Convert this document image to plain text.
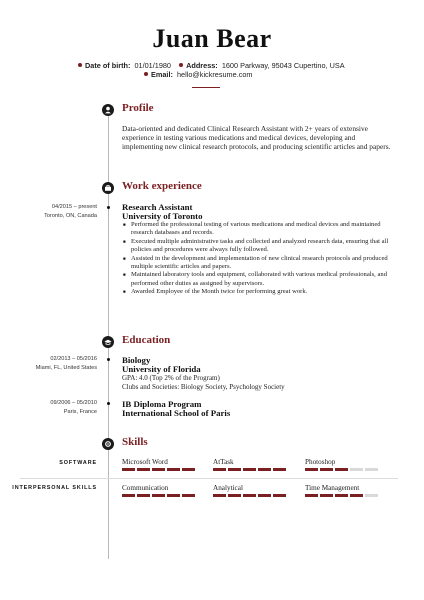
Juan Bear
Date of birth: 01/01/1980 Address: 1600 Parkway, 95043 Cupertino, USA
Email: hello@kickresume.com
Profile
Data-oriented and dedicated Clinical Research Assistant with 2+ years of extensive experience in testing various medications and medical devices, developing and implementing new clinical research protocols, and producing scientific articles and papers.
Work experience
04/2015 – present
Toronto, ON, Canada
Research Assistant
University of Toronto
■ Performed the professional testing of various medications and medical devices and maintained research databases and records.
■ Executed multiple administrative tasks and collected and analyzed research data, ensuring that all policies and procedures were always fully followed.
■ Assisted in the development and implementation of new clinical research protocols and produced multiple scientific articles and papers.
■ Maintained laboratory tools and equipment, collaborated with various medical professionals, and performed other duties as assigned by supervisors.
■ Awarded Employee of the Month twice for performing great work.
Education
02/2013 – 05/2016
Miami, FL, United States
Biology
University of Florida
GPA: 4.0 (Top 2% of the Program)
Clubs and Societies: Biology Society, Psychology Society
09/2006 – 05/2010
Paris, France
IB Diploma Program
International School of Paris
Skills
SOFTWARE	Microsoft Word	AtTask	Photoshop
INTERPERSONAL SKILLS	Communication	Analytical	Time Management
